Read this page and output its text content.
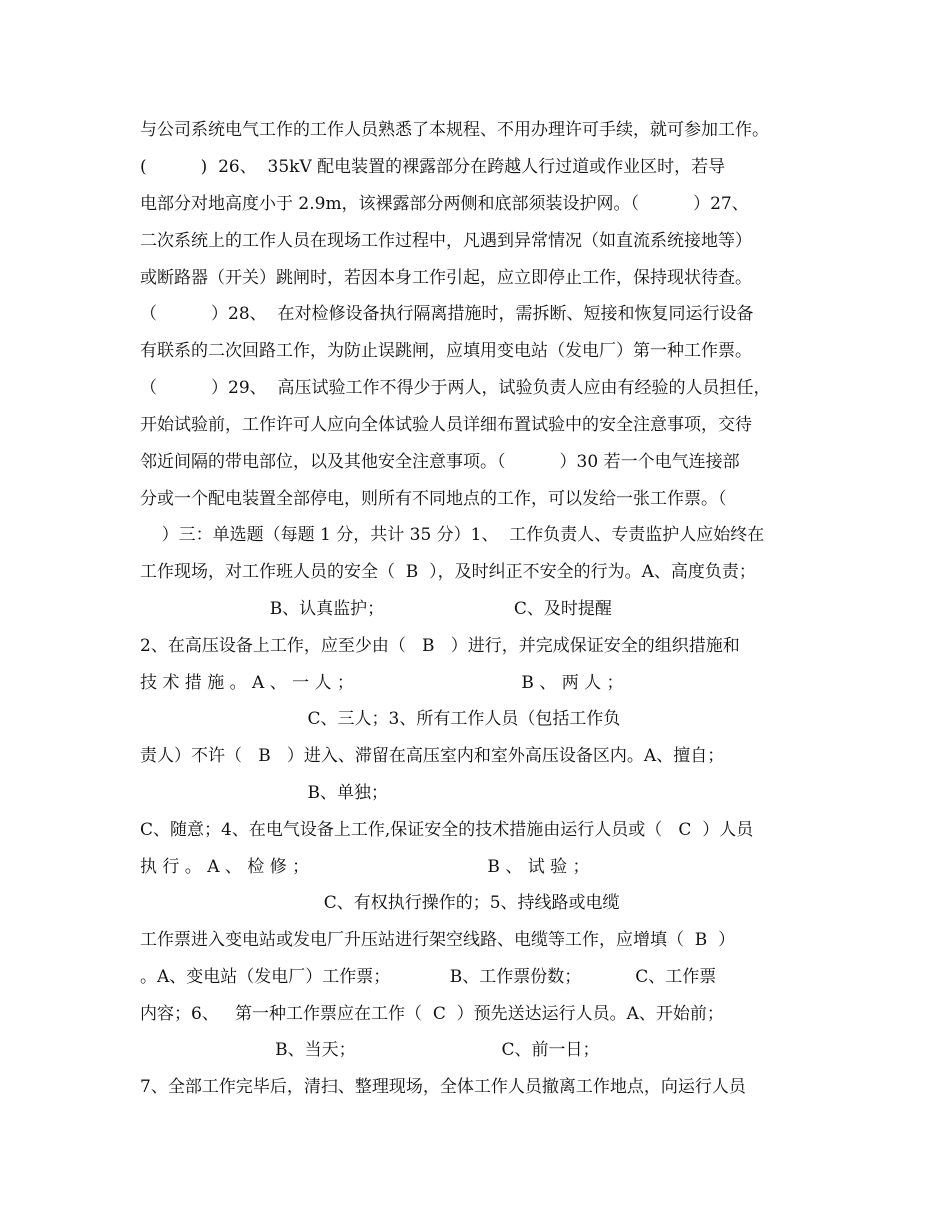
与公司系统电气工作的工作人员熟悉了本规程、不用办理许可手续，就可参加工作。
(          )  26、  35kV 配电装置的裸露部分在跨越人行过道或作业区时，若导
电部分对地高度小于 2.9m，该裸露部分两侧和底部须装设护网。（          ）27、
二次系统上的工作人员在现场工作过程中，凡遇到异常情况（如直流系统接地等）
或断路器（开关）跳闸时，若因本身工作引起，应立即停止工作，保持现状待查。
（          ）28、  在对检修设备执行隔离措施时，需拆断、短接和恢复同运行设备
有联系的二次回路工作，为防止误跳闸，应填用变电站（发电厂）第一种工作票。
（          ）29、  高压试验工作不得少于两人，试验负责人应由有经验的人员担任，
开始试验前，工作许可人应向全体试验人员详细布置试验中的安全注意事项，交待
邻近间隔的带电部位，以及其他安全注意事项。（          ）30 若一个电气连接部
分或一个配电装置全部停电，则所有不同地点的工作，可以发给一张工作票。（
）三：单选题（每题 1 分，共计 35 分）1、  工作负责人、专责监护人应始终在
工作现场，对工作班人员的安全（  B  ），及时纠正不安全的行为。A、高度负责；
B、认真监护；                        C、及时提醒
2、在高压设备上工作，应至少由（   B   ）进行，并完成保证安全的组织措施和
技 术 措 施 。 A 、 一 人 ；                               B 、 两 人 ；
C、三人；3、所有工作人员（包括工作负
责人）不许（   B   ）进入、滞留在高压室内和室外高压设备区内。A、擅自；
B、单独；
C、随意；4、在电气设备上工作,保证安全的技术措施由运行人员或（   C  ）人员
执 行 。 A 、 检 修 ；                                 B 、 试 验 ；
C、有权执行操作的；5、持线路或电缆
工作票进入变电站或发电厂升压站进行架空线路、电缆等工作，应增填（  B  ）
。A、变电站（发电厂）工作票；           B、工作票份数；          C、工作票
内容；6、   第一种工作票应在工作（  C  ）预先送达运行人员。A、开始前；
B、当天；                           C、前一日；
7、全部工作完毕后，清扫、整理现场，全体工作人员撤离工作地点，向运行人员
